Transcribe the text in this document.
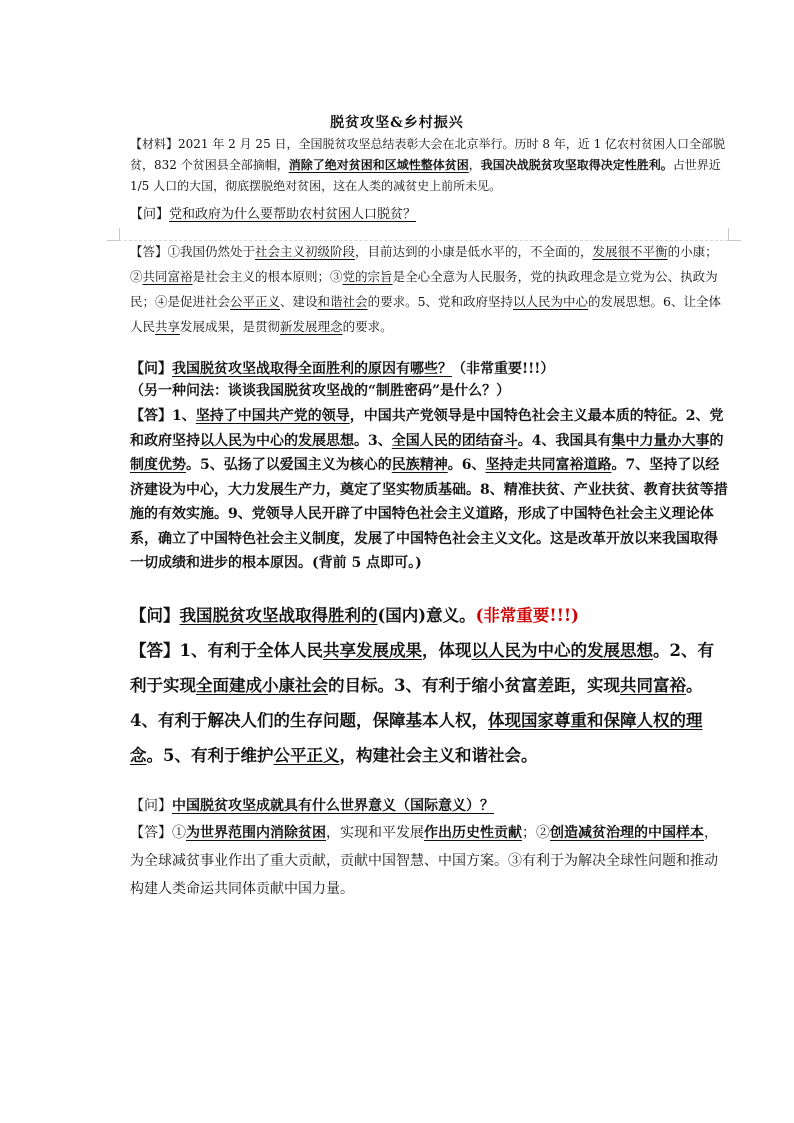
脱贫攻坚&乡村振兴
【材料】2021 年 2 月 25 日，全国脱贫攻坚总结表彰大会在北京举行。历时 8 年，近 1 亿农村贫困人口全部脱贫，832 个贫困县全部摘帽，消除了绝对贫困和区域性整体贫困，我国决战脱贫攻坚取得决定性胜利。占世界近 1/5 人口的大国，彻底摆脱绝对贫困，这在人类的减贫史上前所未见。
【问】党和政府为什么要帮助农村贫困人口脱贫？
【答】①我国仍然处于社会主义初级阶段，目前达到的小康是低水平的，不全面的，发展很不平衡的小康；②共同富裕是社会主义的根本原则；③党的宗旨是全心全意为人民服务，党的执政理念是立党为公、执政为民；④是促进社会公平正义、建设和谐社会的要求。5、党和政府坚持以人民为中心的发展思想。6、让全体人民共享发展成果，是贯彻新发展理念的要求。
【问】我国脱贫攻坚战取得全面胜利的原因有哪些？（非常重要!!!）
（另一种问法：谈谈我国脱贫攻坚战的“制胜密码”是什么？）
【答】1、坚持了中国共产党的领导，中国共产党领导是中国特色社会主义最本质的特征。2、党和政府坚持以人民为中心的发展思想。3、全国人民的团结奋斗。4、我国具有集中力量办大事的制度优势。5、弘扬了以爱国主义为核心的民族精神。6、坚持走共同富裕道路。7、坚持了以经济建设为中心，大力发展生产力，奠定了坚实物质基础。8、精准扶贫、产业扶贫、教育扶贫等措施的有效实施。9、党领导人民开辟了中国特色社会主义道路，形成了中国特色社会主义理论体系，确立了中国特色社会主义制度，发展了中国特色社会主义文化。这是改革开放以来我国取得一切成绩和进步的根本原因。(背前 5 点即可。)
【问】我国脱贫攻坚战取得胜利的(国内)意义。(非常重要!!!)
【答】1、有利于全体人民共享发展成果，体现以人民为中心的发展思想。2、有利于实现全面建成小康社会的目标。3、有利于缩小贫富差距，实现共同富裕。4、有利于解决人们的生存问题，保障基本人权，体现国家尊重和保障人权的理念。5、有利于维护公平正义，构建社会主义和谐社会。
【问】中国脱贫攻坚成就具有什么世界意义（国际意义）？
【答】①为世界范围内消除贫困，实现和平发展作出历史性贡献；②创造减贫治理的中国样本，为全球减贫事业作出了重大贡献，贡献中国智慧、中国方案。③有利于为解决全球性问题和推动构建人类命运共同体贡献中国力量。
